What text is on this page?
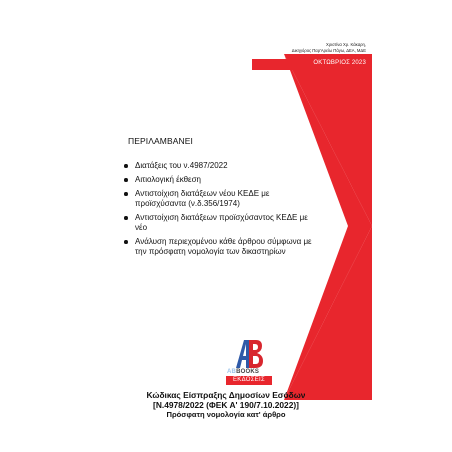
Χριστίνα Χρ. Κάκαρη,
Δικηγόρος Παρ'Αρείω Πάγω, ΔΕΑ, ΜΔΕ
ΟΚΤΩΒΡΙΟΣ 2023
ΠΕΡΙΛΑΜΒΑΝΕΙ
Διατάξεις του ν.4987/2022
Αιτιολογική έκθεση
Αντιστοίχιση διατάξεων νέου ΚΕΔΕ με προϊσχύσαντα (ν.δ.356/1974)
Αντιστοίχιση διατάξεων προϊσχύσαντος ΚΕΔΕ με νέο
Ανάλυση περιεχομένου κάθε άρθρου σύμφωνα με την πρόσφατη νομολογία των δικαστηρίων
ABBOOKS
ΕΚΔΟΣΕΙΣ
Κώδικας Είσπραξης Δημοσίων Εσόδων
[Ν.4978/2022 (ΦΕΚ Α' 190/7.10.2022)]
Πρόσφατη νομολογία κατ' άρθρο
